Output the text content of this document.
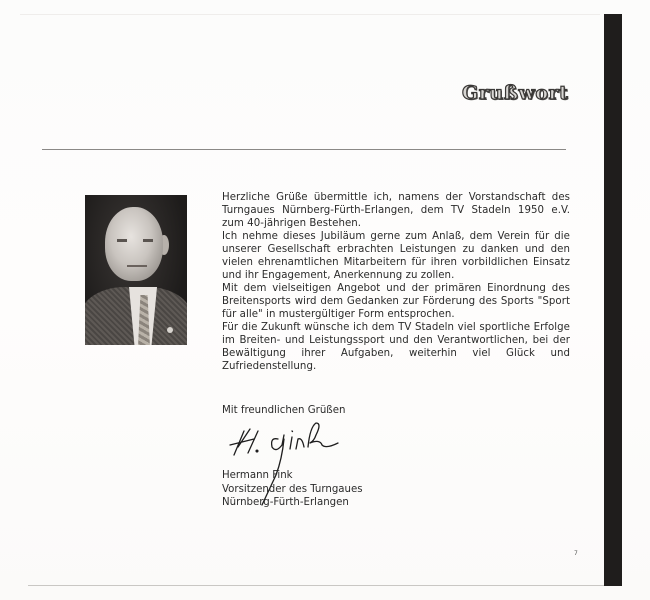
Grußwort

Herzliche Grüße übermittle ich, namens der Vorstandschaft des Turngaues Nürnberg-Fürth-Erlangen, dem TV Stadeln 1950 e.V. zum 40-jährigen Bestehen.

Ich nehme dieses Jubiläum gerne zum Anlaß, dem Verein für die unserer Gesellschaft erbrachten Leistungen zu danken und den vielen ehrenamtlichen Mitarbeitern für ihren vorbildlichen Einsatz und ihr Engagement, Anerkennung zu zollen.

Mit dem vielseitigen Angebot und der primären Einordnung des Breitensports wird dem Gedanken zur Förderung des Sports "Sport für alle" in mustergültiger Form entsprochen.

Für die Zukunft wünsche ich dem TV Stadeln viel sportliche Erfolge im Breiten- und Leistungssport und den Verantwortlichen, bei der Bewältigung ihrer Aufgaben, weiterhin viel Glück und Zufriedenstellung.

Mit freundlichen Grüßen
Hermann Fink
Vorsitzender des Turngaues
Nürnberg-Fürth-Erlangen
7
